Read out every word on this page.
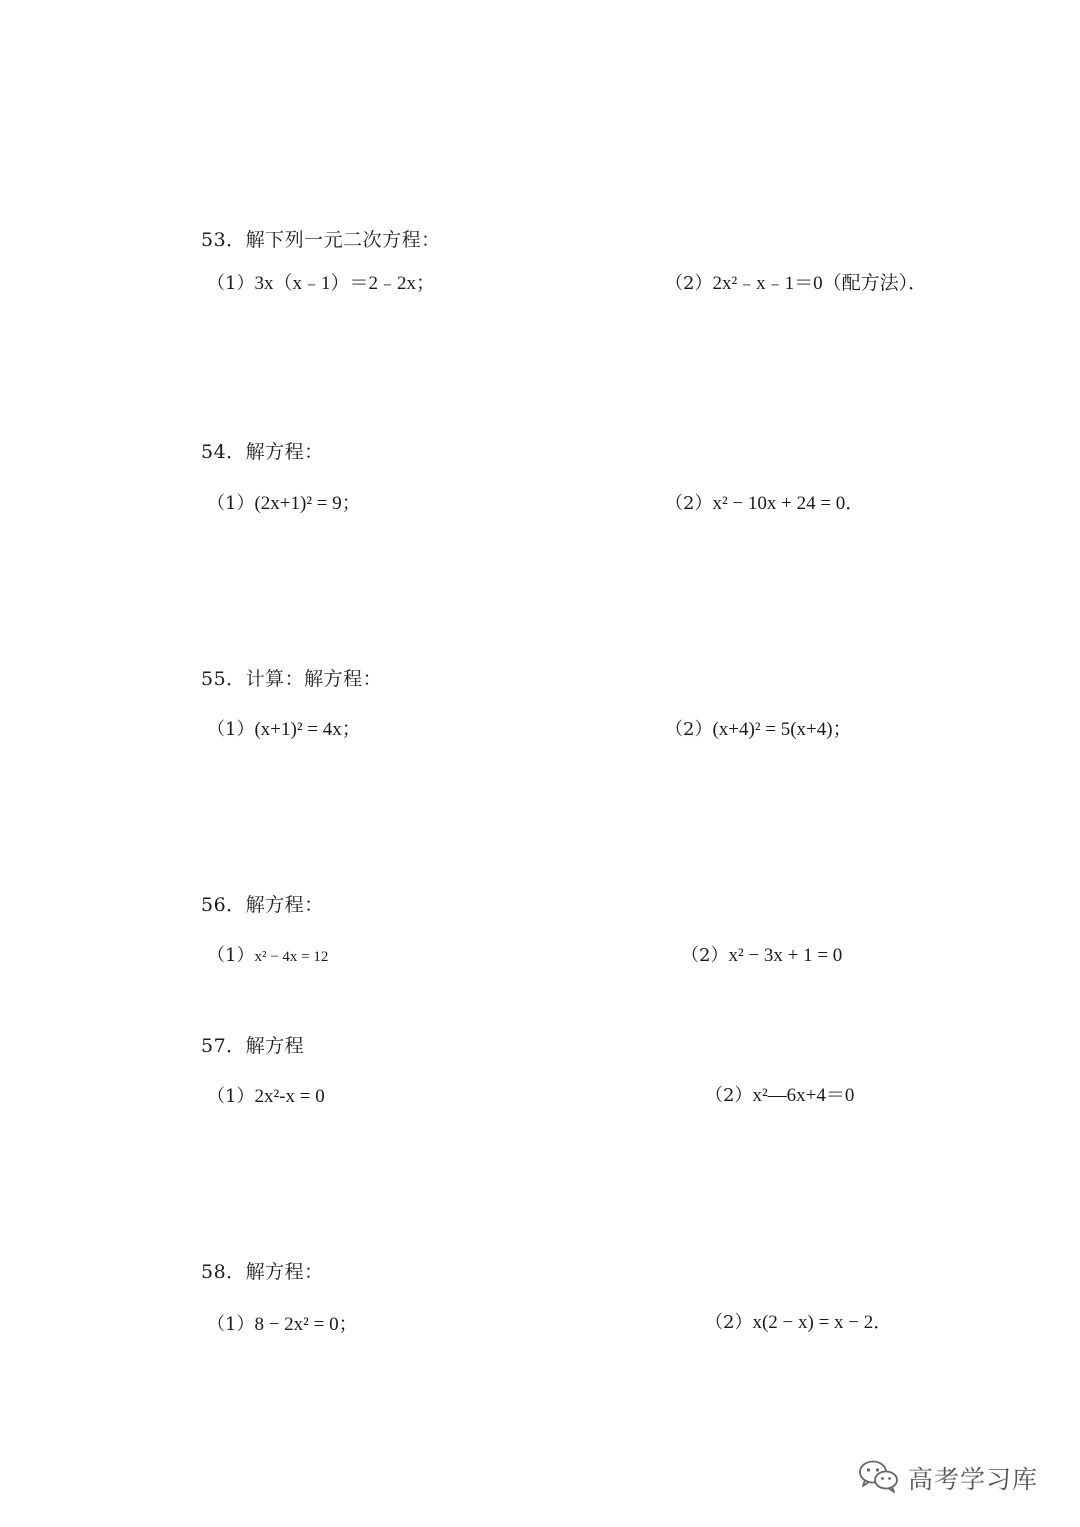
53．解下列一元二次方程：
（1）3x（x﹣1）＝2﹣2x；	（2）2x²﹣x﹣1＝0（配方法）．
54．解方程：
（1）(2x+1)² = 9；	（2）x² − 10x + 24 = 0．
55．计算：解方程：
（1）(x+1)² = 4x；	（2）(x+4)² = 5(x+4)；
56．解方程：
（1）x² − 4x = 12	（2）x² − 3x + 1 = 0
57．解方程
（1）2x²-x = 0	（2）x²—6x+4＝0
58．解方程：
（1）8 − 2x² = 0；	（2）x(2 − x) = x − 2．
高考学习库
